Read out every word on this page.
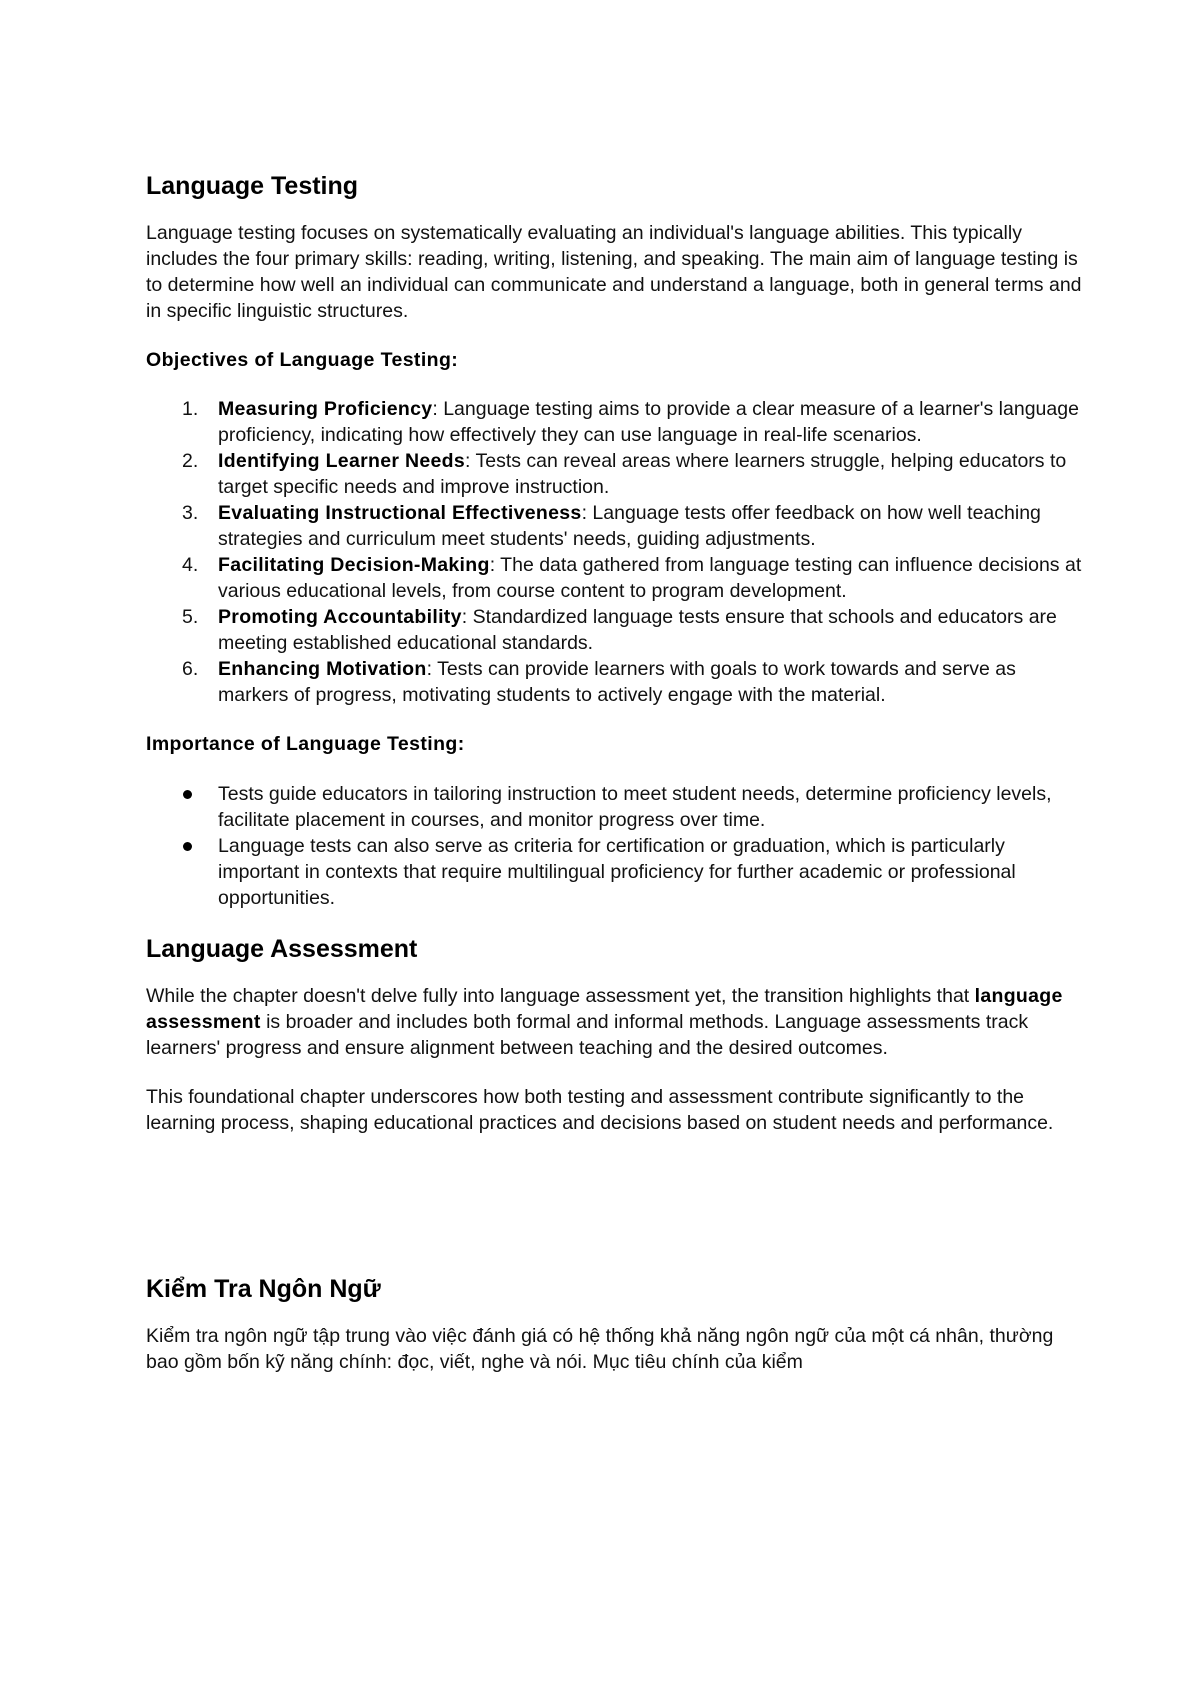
Language Testing

Language testing focuses on systematically evaluating an individual's language abilities. This typically includes the four primary skills: reading, writing, listening, and speaking. The main aim of language testing is to determine how well an individual can communicate and understand a language, both in general terms and in specific linguistic structures.

Objectives of Language Testing:
1. Measuring Proficiency: Language testing aims to provide a clear measure of a learner's language proficiency, indicating how effectively they can use language in real-life scenarios.
2. Identifying Learner Needs: Tests can reveal areas where learners struggle, helping educators to target specific needs and improve instruction.
3. Evaluating Instructional Effectiveness: Language tests offer feedback on how well teaching strategies and curriculum meet students' needs, guiding adjustments.
4. Facilitating Decision-Making: The data gathered from language testing can influence decisions at various educational levels, from course content to program development.
5. Promoting Accountability: Standardized language tests ensure that schools and educators are meeting established educational standards.
6. Enhancing Motivation: Tests can provide learners with goals to work towards and serve as markers of progress, motivating students to actively engage with the material.
Importance of Language Testing:
Tests guide educators in tailoring instruction to meet student needs, determine proficiency levels, facilitate placement in courses, and monitor progress over time.
Language tests can also serve as criteria for certification or graduation, which is particularly important in contexts that require multilingual proficiency for further academic or professional opportunities.
Language Assessment

While the chapter doesn't delve fully into language assessment yet, the transition highlights that language assessment is broader and includes both formal and informal methods. Language assessments track learners' progress and ensure alignment between teaching and the desired outcomes.

This foundational chapter underscores how both testing and assessment contribute significantly to the learning process, shaping educational practices and decisions based on student needs and performance.

Kiểm Tra Ngôn Ngữ

Kiểm tra ngôn ngữ tập trung vào việc đánh giá có hệ thống khả năng ngôn ngữ của một cá nhân, thường bao gồm bốn kỹ năng chính: đọc, viết, nghe và nói. Mục tiêu chính của kiểm
